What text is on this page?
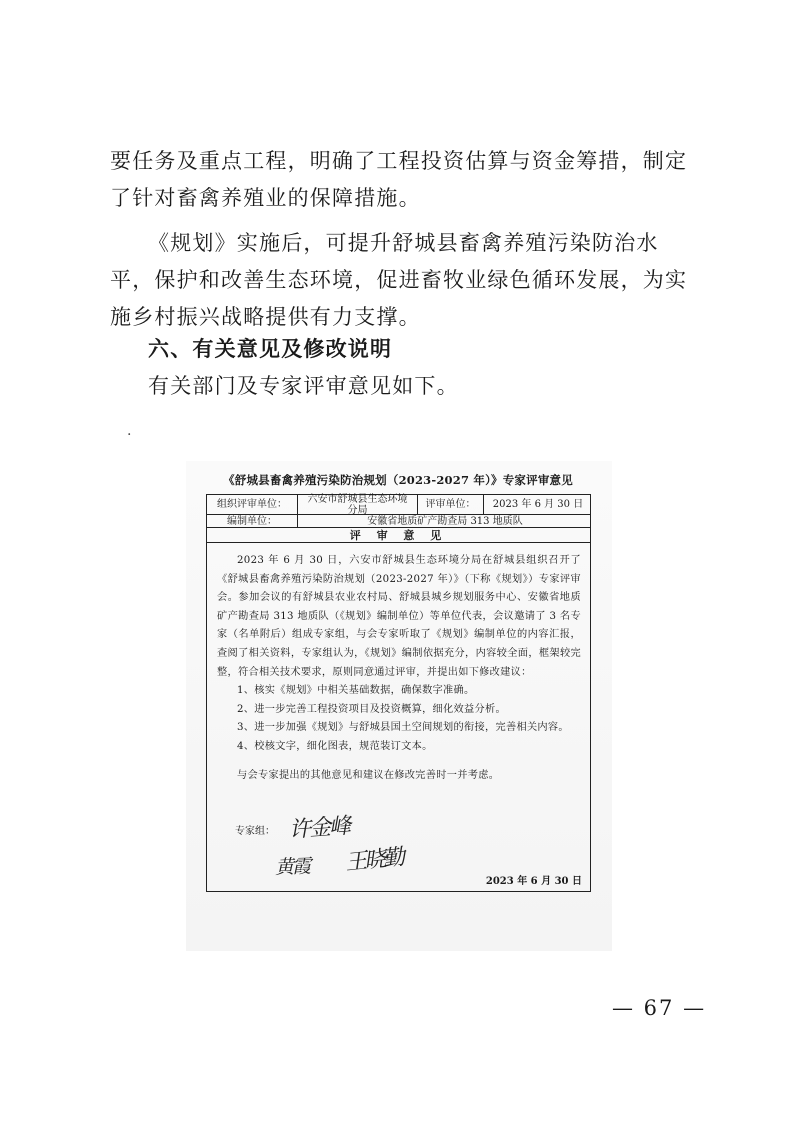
要任务及重点工程，明确了工程投资估算与资金筹措，制定了针对畜禽养殖业的保障措施。
《规划》实施后，可提升舒城县畜禽养殖污染防治水平，保护和改善生态环境，促进畜牧业绿色循环发展，为实施乡村振兴战略提供有力支撑。
六、有关意见及修改说明
有关部门及专家评审意见如下。
.
《舒城县畜禽养殖污染防治规划（2023-2027 年）》专家评审意见
组织评审单位：	六安市舒城县生态环境分局	评审单位：	2023 年 6 月 30 日
编制单位：	安徽省地质矿产勘查局 313 地质队
评 审 意 见

2023 年 6 月 30 日，六安市舒城县生态环境分局在舒城县组织召开了《舒城县畜禽养殖污染防治规划（2023-2027 年）》（下称《规划》）专家评审会。参加会议的有舒城县农业农村局、舒城县城乡规划服务中心、安徽省地质矿产勘查局 313 地质队（《规划》编制单位）等单位代表，会议邀请了 3 名专家（名单附后）组成专家组，与会专家听取了《规划》编制单位的内容汇报，查阅了相关资料，专家组认为，《规划》编制依据充分，内容较全面，框架较完整，符合相关技术要求，原则同意通过评审，并提出如下修改建议：

1、核实《规划》中相关基础数据，确保数字准确。

2、进一步完善工程投资项目及投资概算，细化效益分析。

3、进一步加强《规划》与舒城县国土空间规划的衔接，完善相关内容。

4、校核文字，细化图表，规范装订文本。

与会专家提出的其他意见和建议在修改完善时一并考虑。

专家组： 许金峰
黄霞 王晓勤
2023 年 6 月 30 日
— 67 —
